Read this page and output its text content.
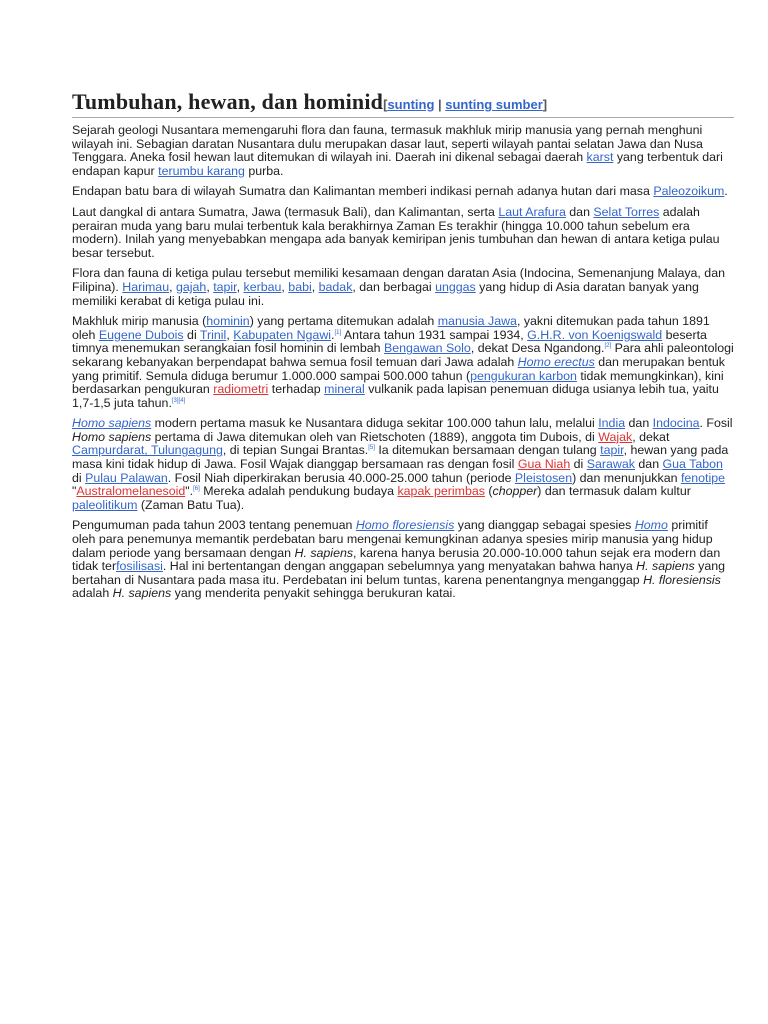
Tumbuhan, hewan, dan hominid[sunting | sunting sumber]

Sejarah geologi Nusantara memengaruhi flora dan fauna, termasuk makhluk mirip manusia yang pernah menghuni wilayah ini. Sebagian daratan Nusantara dulu merupakan dasar laut, seperti wilayah pantai selatan Jawa dan Nusa Tenggara. Aneka fosil hewan laut ditemukan di wilayah ini. Daerah ini dikenal sebagai daerah karst yang terbentuk dari endapan kapur terumbu karang purba.

Endapan batu bara di wilayah Sumatra dan Kalimantan memberi indikasi pernah adanya hutan dari masa Paleozoikum.

Laut dangkal di antara Sumatra, Jawa (termasuk Bali), dan Kalimantan, serta Laut Arafura dan Selat Torres adalah perairan muda yang baru mulai terbentuk kala berakhirnya Zaman Es terakhir (hingga 10.000 tahun sebelum era modern). Inilah yang menyebabkan mengapa ada banyak kemiripan jenis tumbuhan dan hewan di antara ketiga pulau besar tersebut.

Flora dan fauna di ketiga pulau tersebut memiliki kesamaan dengan daratan Asia (Indocina, Semenanjung Malaya, dan Filipina). Harimau, gajah, tapir, kerbau, babi, badak, dan berbagai unggas yang hidup di Asia daratan banyak yang memiliki kerabat di ketiga pulau ini.

Makhluk mirip manusia (hominin) yang pertama ditemukan adalah manusia Jawa, yakni ditemukan pada tahun 1891 oleh Eugene Dubois di Trinil, Kabupaten Ngawi.[1] Antara tahun 1931 sampai 1934, G.H.R. von Koenigswald beserta timnya menemukan serangkaian fosil hominin di lembah Bengawan Solo, dekat Desa Ngandong.[2] Para ahli paleontologi sekarang kebanyakan berpendapat bahwa semua fosil temuan dari Jawa adalah Homo erectus dan merupakan bentuk yang primitif. Semula diduga berumur 1.000.000 sampai 500.000 tahun (pengukuran karbon tidak memungkinkan), kini berdasarkan pengukuran radiometri terhadap mineral vulkanik pada lapisan penemuan diduga usianya lebih tua, yaitu 1,7-1,5 juta tahun.[3][4]

Homo sapiens modern pertama masuk ke Nusantara diduga sekitar 100.000 tahun lalu, melalui India dan Indocina. Fosil Homo sapiens pertama di Jawa ditemukan oleh van Rietschoten (1889), anggota tim Dubois, di Wajak, dekat Campurdarat, Tulungagung, di tepian Sungai Brantas.[5] Ia ditemukan bersamaan dengan tulang tapir, hewan yang pada masa kini tidak hidup di Jawa. Fosil Wajak dianggap bersamaan ras dengan fosil Gua Niah di Sarawak dan Gua Tabon di Pulau Palawan. Fosil Niah diperkirakan berusia 40.000-25.000 tahun (periode Pleistosen) dan menunjukkan fenotipe "Australomelanesoid".[6] Mereka adalah pendukung budaya kapak perimbas (chopper) dan termasuk dalam kultur paleolitikum (Zaman Batu Tua).

Pengumuman pada tahun 2003 tentang penemuan Homo floresiensis yang dianggap sebagai spesies Homo primitif oleh para penemunya memantik perdebatan baru mengenai kemungkinan adanya spesies mirip manusia yang hidup dalam periode yang bersamaan dengan H. sapiens, karena hanya berusia 20.000-10.000 tahun sejak era modern dan tidak terfosilisasi. Hal ini bertentangan dengan anggapan sebelumnya yang menyatakan bahwa hanya H. sapiens yang bertahan di Nusantara pada masa itu. Perdebatan ini belum tuntas, karena penentangnya menganggap H. floresiensis adalah H. sapiens yang menderita penyakit sehingga berukuran katai.
